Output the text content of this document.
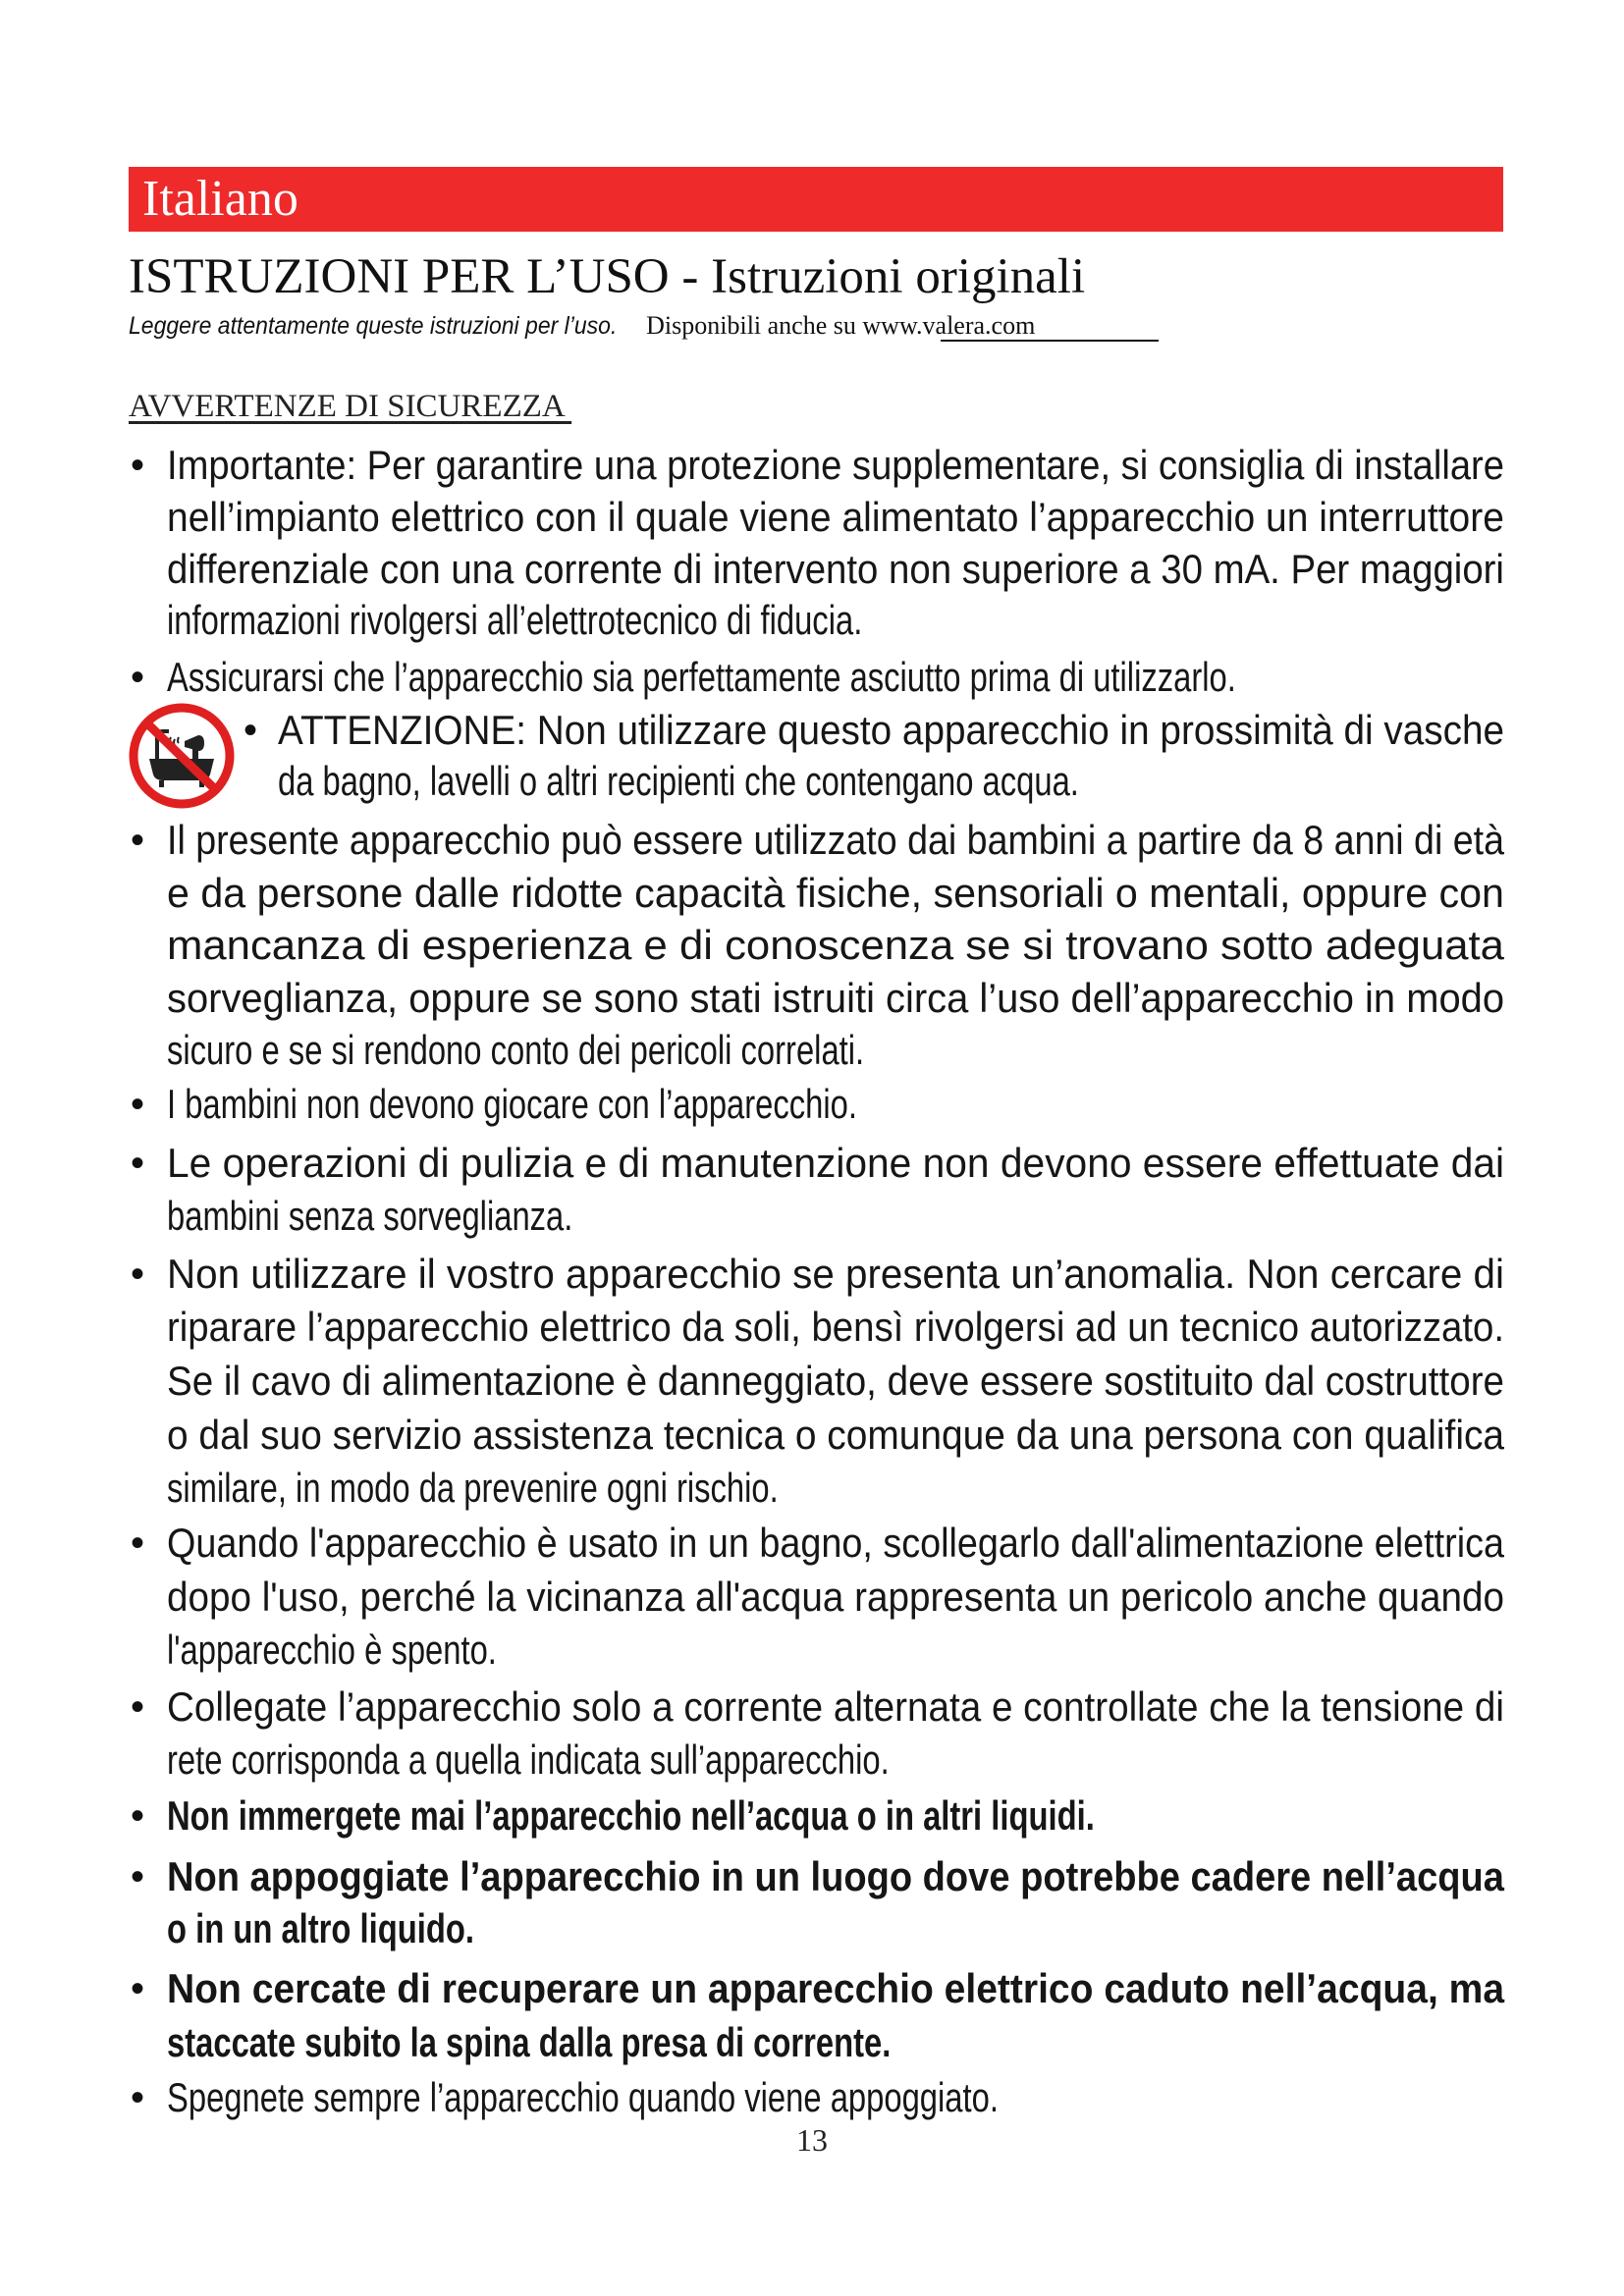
Italiano
ISTRUZIONI PER L’USO - Istruzioni originali
Leggere attentamente queste istruzioni per l’uso. Disponibili anche su www.valera.com
AVVERTENZE DI SICUREZZA
• Importante: Per garantire una protezione supplementare, si consiglia di installare
nell’impianto elettrico con il quale viene alimentato l’apparecchio un interruttore
differenziale con una corrente di intervento non superiore a 30 mA. Per maggiori
informazioni rivolgersi all’elettrotecnico di fiducia.
• Assicurarsi che l’apparecchio sia perfettamente asciutto prima di utilizzarlo.
• ATTENZIONE: Non utilizzare questo apparecchio in prossimità di vasche
da bagno, lavelli o altri recipienti che contengano acqua.
• Il presente apparecchio può essere utilizzato dai bambini a partire da 8 anni di età
e da persone dalle ridotte capacità fisiche, sensoriali o mentali, oppure con
mancanza di esperienza e di conoscenza se si trovano sotto adeguata
sorveglianza, oppure se sono stati istruiti circa l’uso dell’apparecchio in modo
sicuro e se si rendono conto dei pericoli correlati.
• I bambini non devono giocare con l’apparecchio.
• Le operazioni di pulizia e di manutenzione non devono essere effettuate dai
bambini senza sorveglianza.
• Non utilizzare il vostro apparecchio se presenta un’anomalia. Non cercare di
riparare l’apparecchio elettrico da soli, bensì rivolgersi ad un tecnico autorizzato.
Se il cavo di alimentazione è danneggiato, deve essere sostituito dal costruttore
o dal suo servizio assistenza tecnica o comunque da una persona con qualifica
similare, in modo da prevenire ogni rischio.
• Quando l'apparecchio è usato in un bagno, scollegarlo dall'alimentazione elettrica
dopo l'uso, perché la vicinanza all'acqua rappresenta un pericolo anche quando
l'apparecchio è spento.
• Collegate l’apparecchio solo a corrente alternata e controllate che la tensione di
rete corrisponda a quella indicata sull’apparecchio.
• Non immergete mai l’apparecchio nell’acqua o in altri liquidi.
• Non appoggiate l’apparecchio in un luogo dove potrebbe cadere nell’acqua
o in un altro liquido.
• Non cercate di recuperare un apparecchio elettrico caduto nell’acqua, ma
staccate subito la spina dalla presa di corrente.
• Spegnete sempre l’apparecchio quando viene appoggiato.
13
